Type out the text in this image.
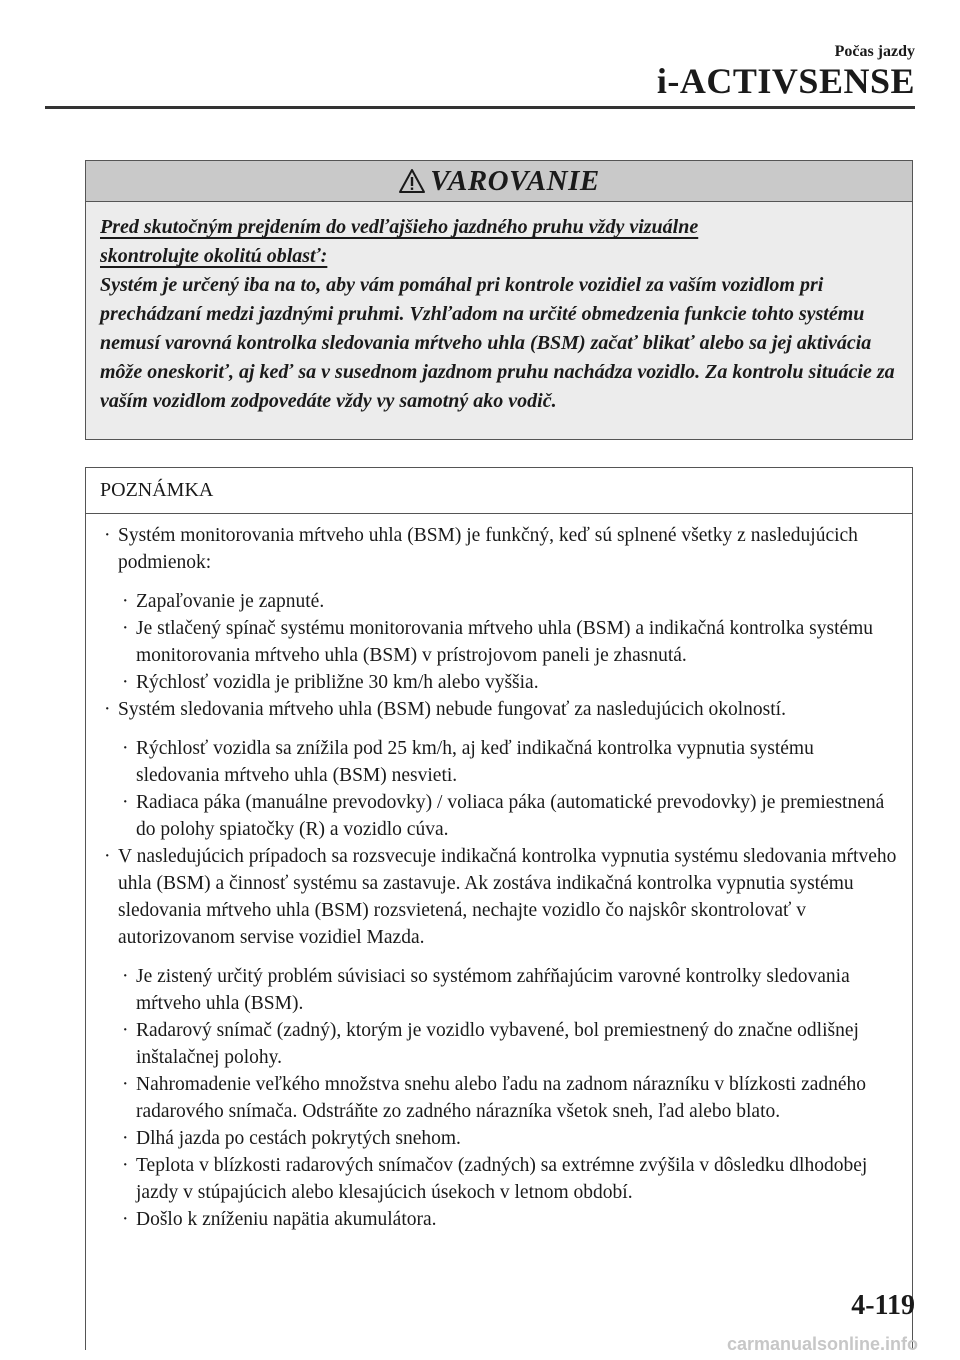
Počas jazdy
i-ACTIVSENSE
VAROVANIE

Pred skutočným prejdením do vedľajšieho jazdného pruhu vždy vizuálne

skontrolujte okolitú oblasť:

Systém je určený iba na to, aby vám pomáhal pri kontrole vozidiel za vaším vozidlom pri prechádzaní medzi jazdnými pruhmi. Vzhľadom na určité obmedzenia funkcie tohto systému nemusí varovná kontrolka sledovania mŕtveho uhla (BSM) začať blikať alebo sa jej aktivácia môže oneskoriť, aj keď sa v susednom jazdnom pruhu nachádza vozidlo. Za kontrolu situácie za vaším vozidlom zodpovedáte vždy vy samotný ako vodič.

POZNÁMKA
· Systém monitorovania mŕtveho uhla (BSM) je funkčný, keď sú splnené všetky z nasledujúcich podmienok:
· Zapaľovanie je zapnuté.
· Je stlačený spínač systému monitorovania mŕtveho uhla (BSM) a indikačná kontrolka systému monitorovania mŕtveho uhla (BSM) v prístrojovom paneli je zhasnutá.
· Rýchlosť vozidla je približne 30 km/h alebo vyššia.
· Systém sledovania mŕtveho uhla (BSM) nebude fungovať za nasledujúcich okolností.
· Rýchlosť vozidla sa znížila pod 25 km/h, aj keď indikačná kontrolka vypnutia systému sledovania mŕtveho uhla (BSM) nesvieti.
· Radiaca páka (manuálne prevodovky) / voliaca páka (automatické prevodovky) je premiestnená do polohy spiatočky (R) a vozidlo cúva.
· V nasledujúcich prípadoch sa rozsvecuje indikačná kontrolka vypnutia systému sledovania mŕtveho uhla (BSM) a činnosť systému sa zastavuje. Ak zostáva indikačná kontrolka vypnutia systému sledovania mŕtveho uhla (BSM) rozsvietená, nechajte vozidlo čo najskôr skontrolovať v autorizovanom servise vozidiel Mazda.
· Je zistený určitý problém súvisiaci so systémom zahŕňajúcim varovné kontrolky sledovania mŕtveho uhla (BSM).
· Radarový snímač (zadný), ktorým je vozidlo vybavené, bol premiestnený do značne odlišnej inštalačnej polohy.
· Nahromadenie veľkého množstva snehu alebo ľadu na zadnom nárazníku v blízkosti zadného radarového snímača. Odstráňte zo zadného nárazníka všetok sneh, ľad alebo blato.
· Dlhá jazda po cestách pokrytých snehom.
· Teplota v blízkosti radarových snímačov (zadných) sa extrémne zvýšila v dôsledku dlhodobej jazdy v stúpajúcich alebo klesajúcich úsekoch v letnom období.
· Došlo k zníženiu napätia akumulátora.
4-119
carmanualsonline.info
